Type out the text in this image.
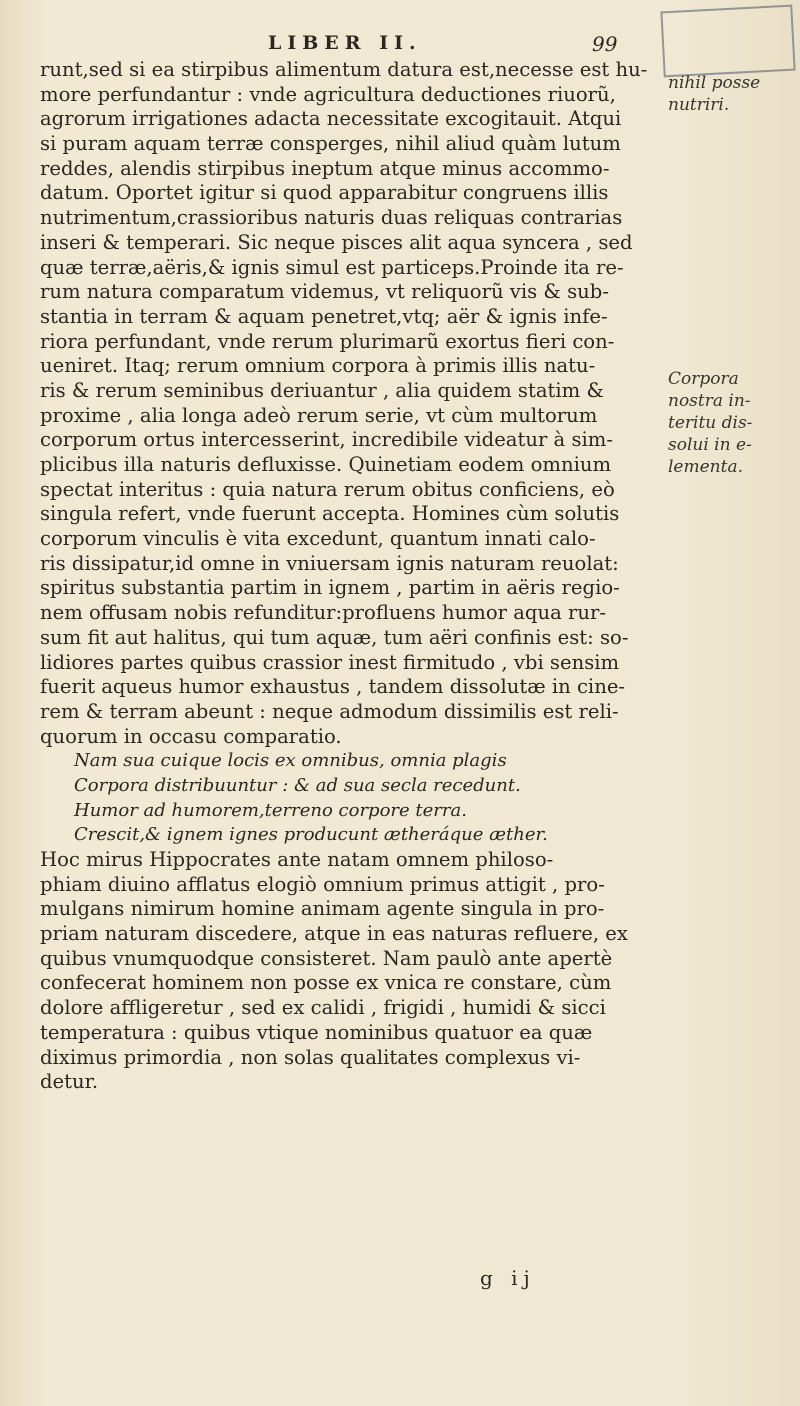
LIBER II.	99
runt,sed si ea stirpibus alimentum datura est,necesse est hu-
more perfundantur : vnde agricultura deductiones riuorũ,
agrorum irrigationes adacta necessitate excogitauit. Atqui
si puram aquam terræ consperges, nihil aliud quàm lutum
reddes, alendis stirpibus ineptum atque minus accommo-
datum. Oportet igitur si quod apparabitur congruens illis
nutrimentum,crassioribus naturis duas reliquas contrarias
inseri & temperari. Sic neque pisces alit aqua syncera , sed
quæ terræ,aëris,& ignis simul est particeps.Proinde ita re-
rum natura comparatum videmus, vt reliquorũ vis & sub-
stantia in terram & aquam penetret,vtq; aër & ignis infe-
riora perfundant, vnde rerum plurimarũ exortus fieri con-
ueniret. Itaq; rerum omnium corpora à primis illis natu-
ris & rerum seminibus deriuantur , alia quidem statim &
proxime , alia longa adeò rerum serie, vt cùm multorum
corporum ortus intercesserint, incredibile videatur à sim-
plicibus illa naturis defluxisse. Quinetiam eodem omnium
spectat interitus : quia natura rerum obitus conficiens, eò
singula refert, vnde fuerunt accepta. Homines cùm solutis
corporum vinculis è vita excedunt, quantum innati calo-
ris dissipatur,id omne in vniuersam ignis naturam reuolat:
spiritus substantia partim in ignem , partim in aëris regio-
nem offusam nobis refunditur:profluens humor aqua rur-
sum fit aut halitus, qui tum aquæ, tum aëri confinis est: so-
lidiores partes quibus crassior inest firmitudo , vbi sensim
fuerit aqueus humor exhaustus , tandem dissolutæ in cine-
rem & terram abeunt : neque admodum dissimilis est reli-
quorum in occasu comparatio.
Nam sua cuique locis ex omnibus, omnia plagis
Corpora distribuuntur : & ad sua secla recedunt.
Humor ad humorem,terreno corpore terra.
Crescit,& ignem ignes producunt ætheráque æther.
Hoc mirus Hippocrates ante natam omnem philoso-
phiam diuino afflatus elogiò omnium primus attigit , pro-
mulgans nimirum homine animam agente singula in pro-
priam naturam discedere, atque in eas naturas refluere, ex
quibus vnumquodque consisteret. Nam paulò ante apertè
confecerat hominem non posse ex vnica re constare, cùm
dolore affligeretur , sed ex calidi , frigidi , humidi & sicci
temperatura : quibus vtique nominibus quatuor ea quæ
diximus primordia , non solas qualitates complexus vi-
detur.
nihil posse
nutriri.
Corpora
nostra in-
teritu dis-
solui in e-
lementa.
g ij
